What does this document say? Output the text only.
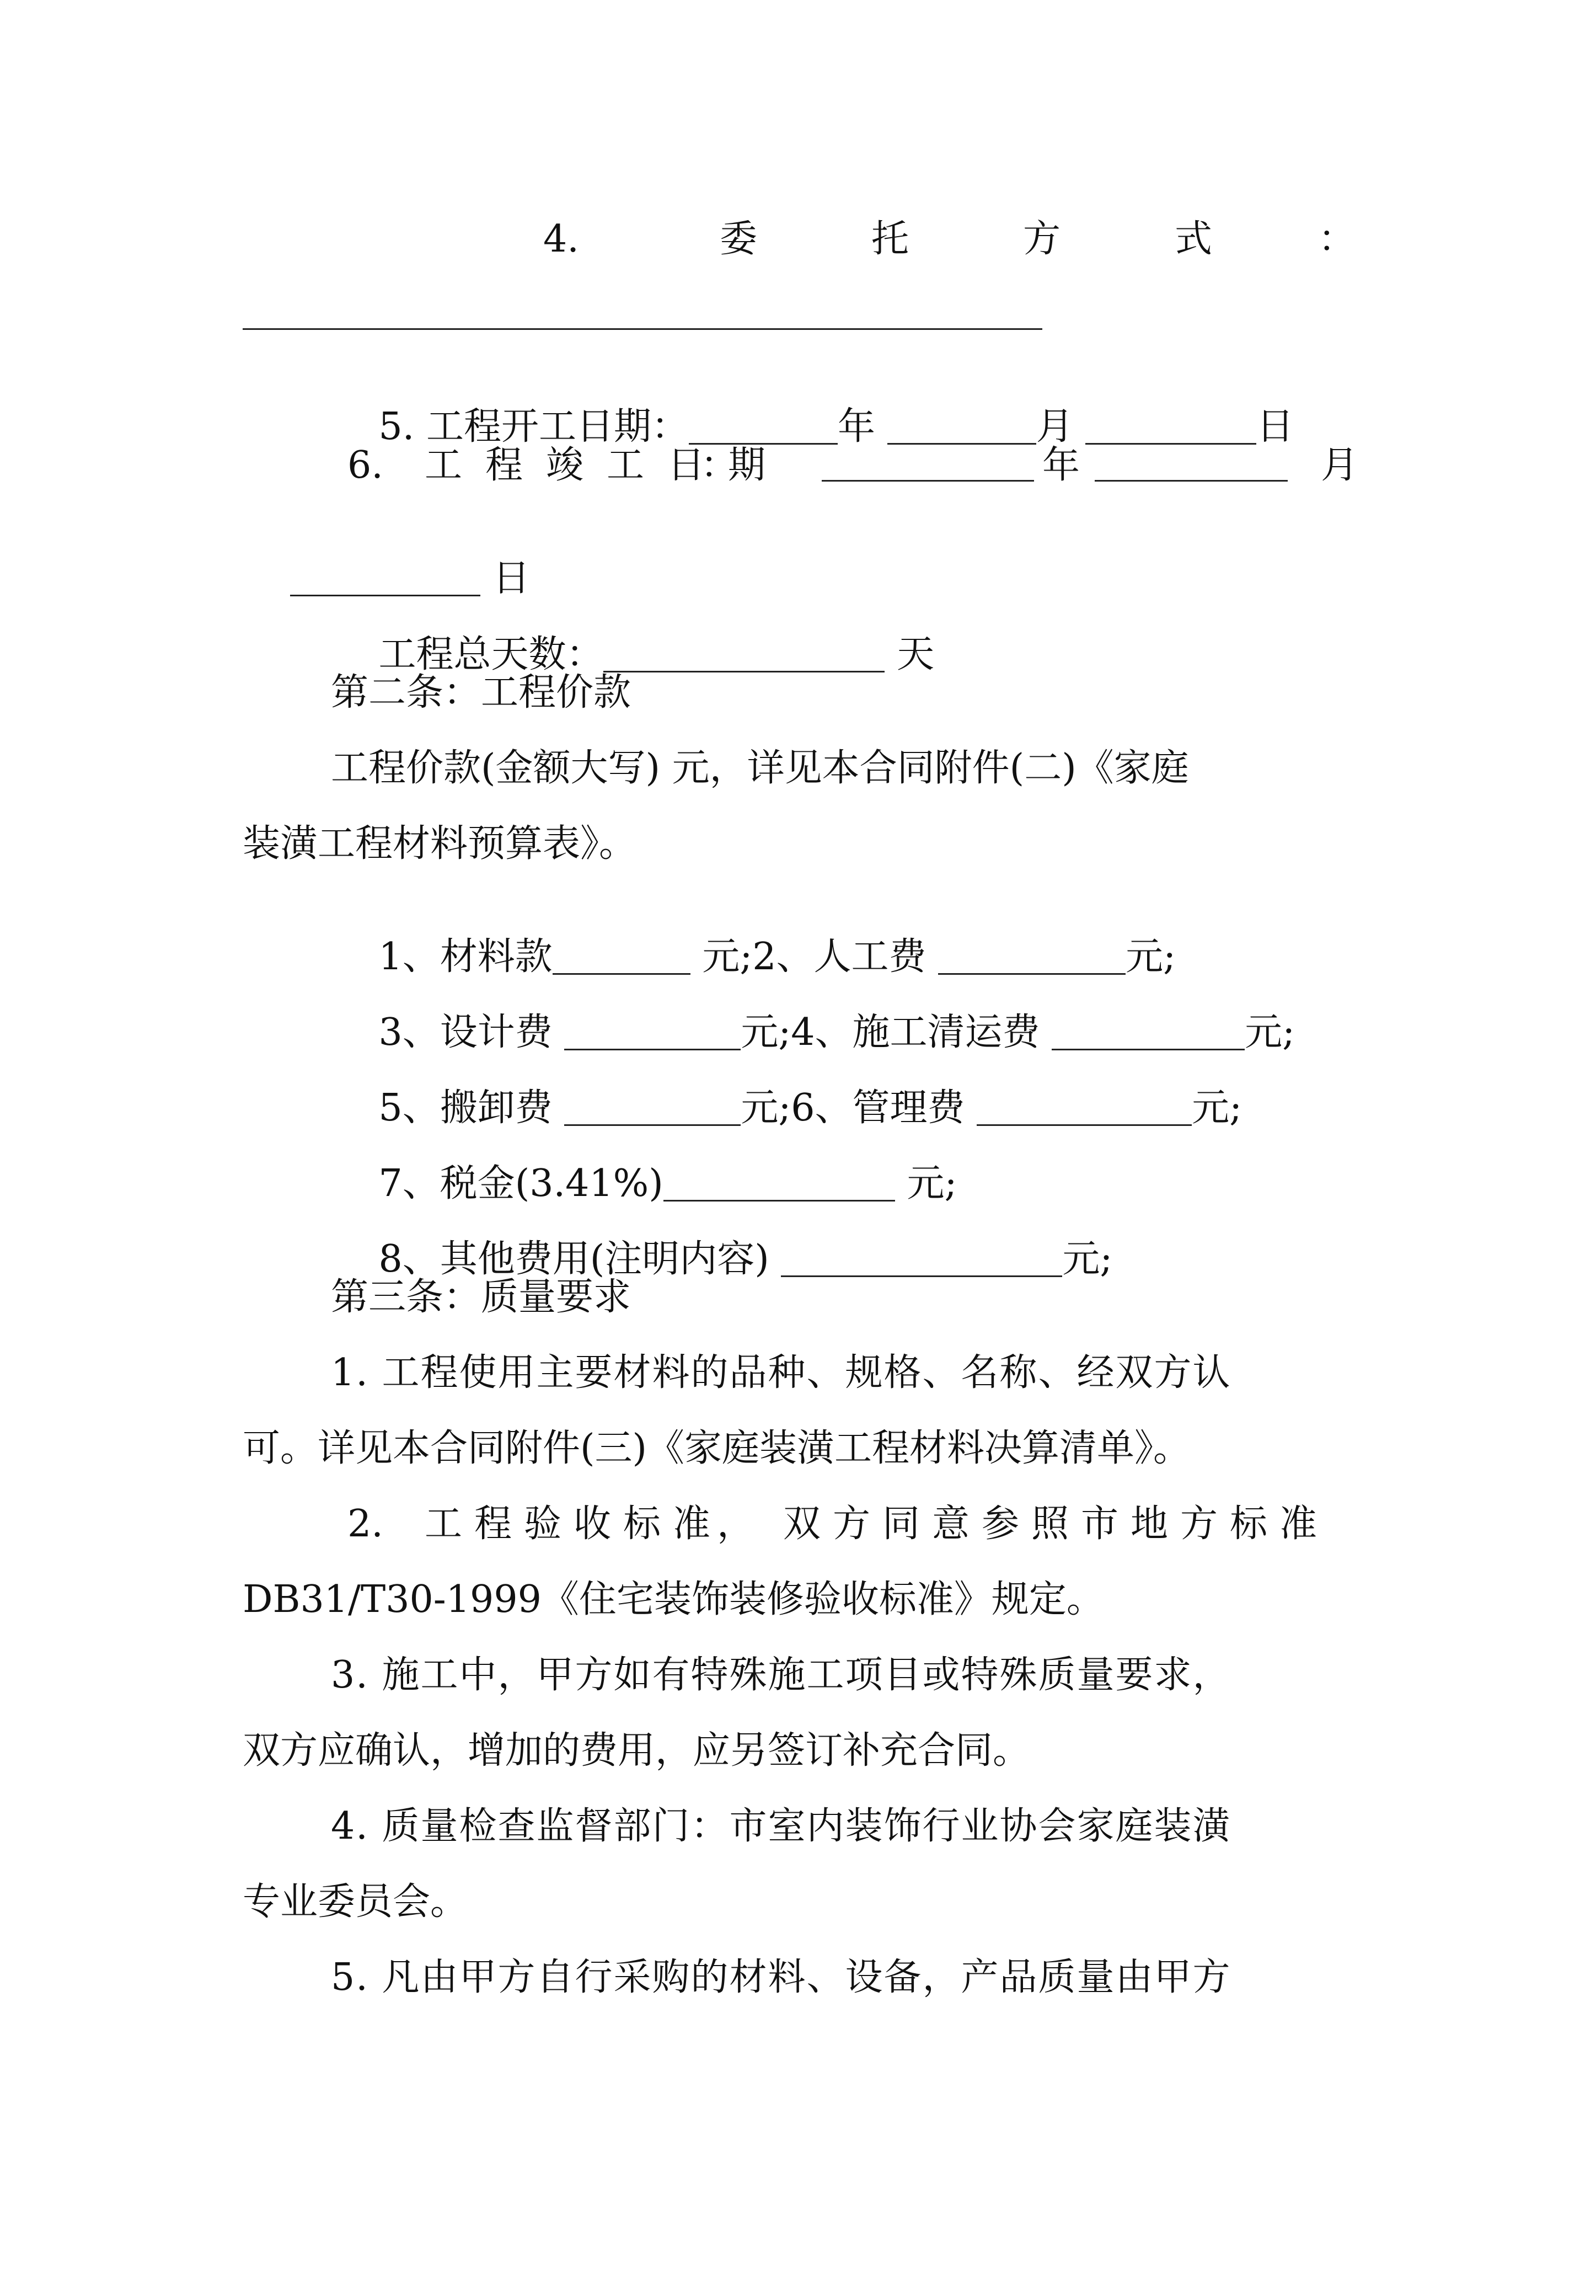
4.

	委

	托

	方

	式

	：

5. 工程开工日期：	年	月	日

6.

工

程

竣

工

日

期

：

	年

	月

日

工程总天数：	天

第二条：工程价款
工程价款(金额大写) 元，详见本合同附件(二)《家庭
装潢工程材料预算表》。

1、材料款	元;2、人工费	元;

3、设计费	元;4、施工清运费	元;

5、搬卸费	元;6、管理费	元;

7、税金(3.41%)	元;

8、其他费用(注明内容)	元;

第三条：质量要求
1. 工程使用主要材料的品种、规格、名称、经双方认
可。详见本合同附件(三)《家庭装潢工程材料决算清单》。

2.

工

程

验

收

标

准

，

双

方

同

意

参

照

市

地

方

标

准

DB31/T30-1999《住宅装饰装修验收标准》规定。
3. 施工中，甲方如有特殊施工项目或特殊质量要求，
双方应确认，增加的费用，应另签订补充合同。
4. 质量检查监督部门：市室内装饰行业协会家庭装潢
专业委员会。
5. 凡由甲方自行采购的材料、设备，产品质量由甲方
